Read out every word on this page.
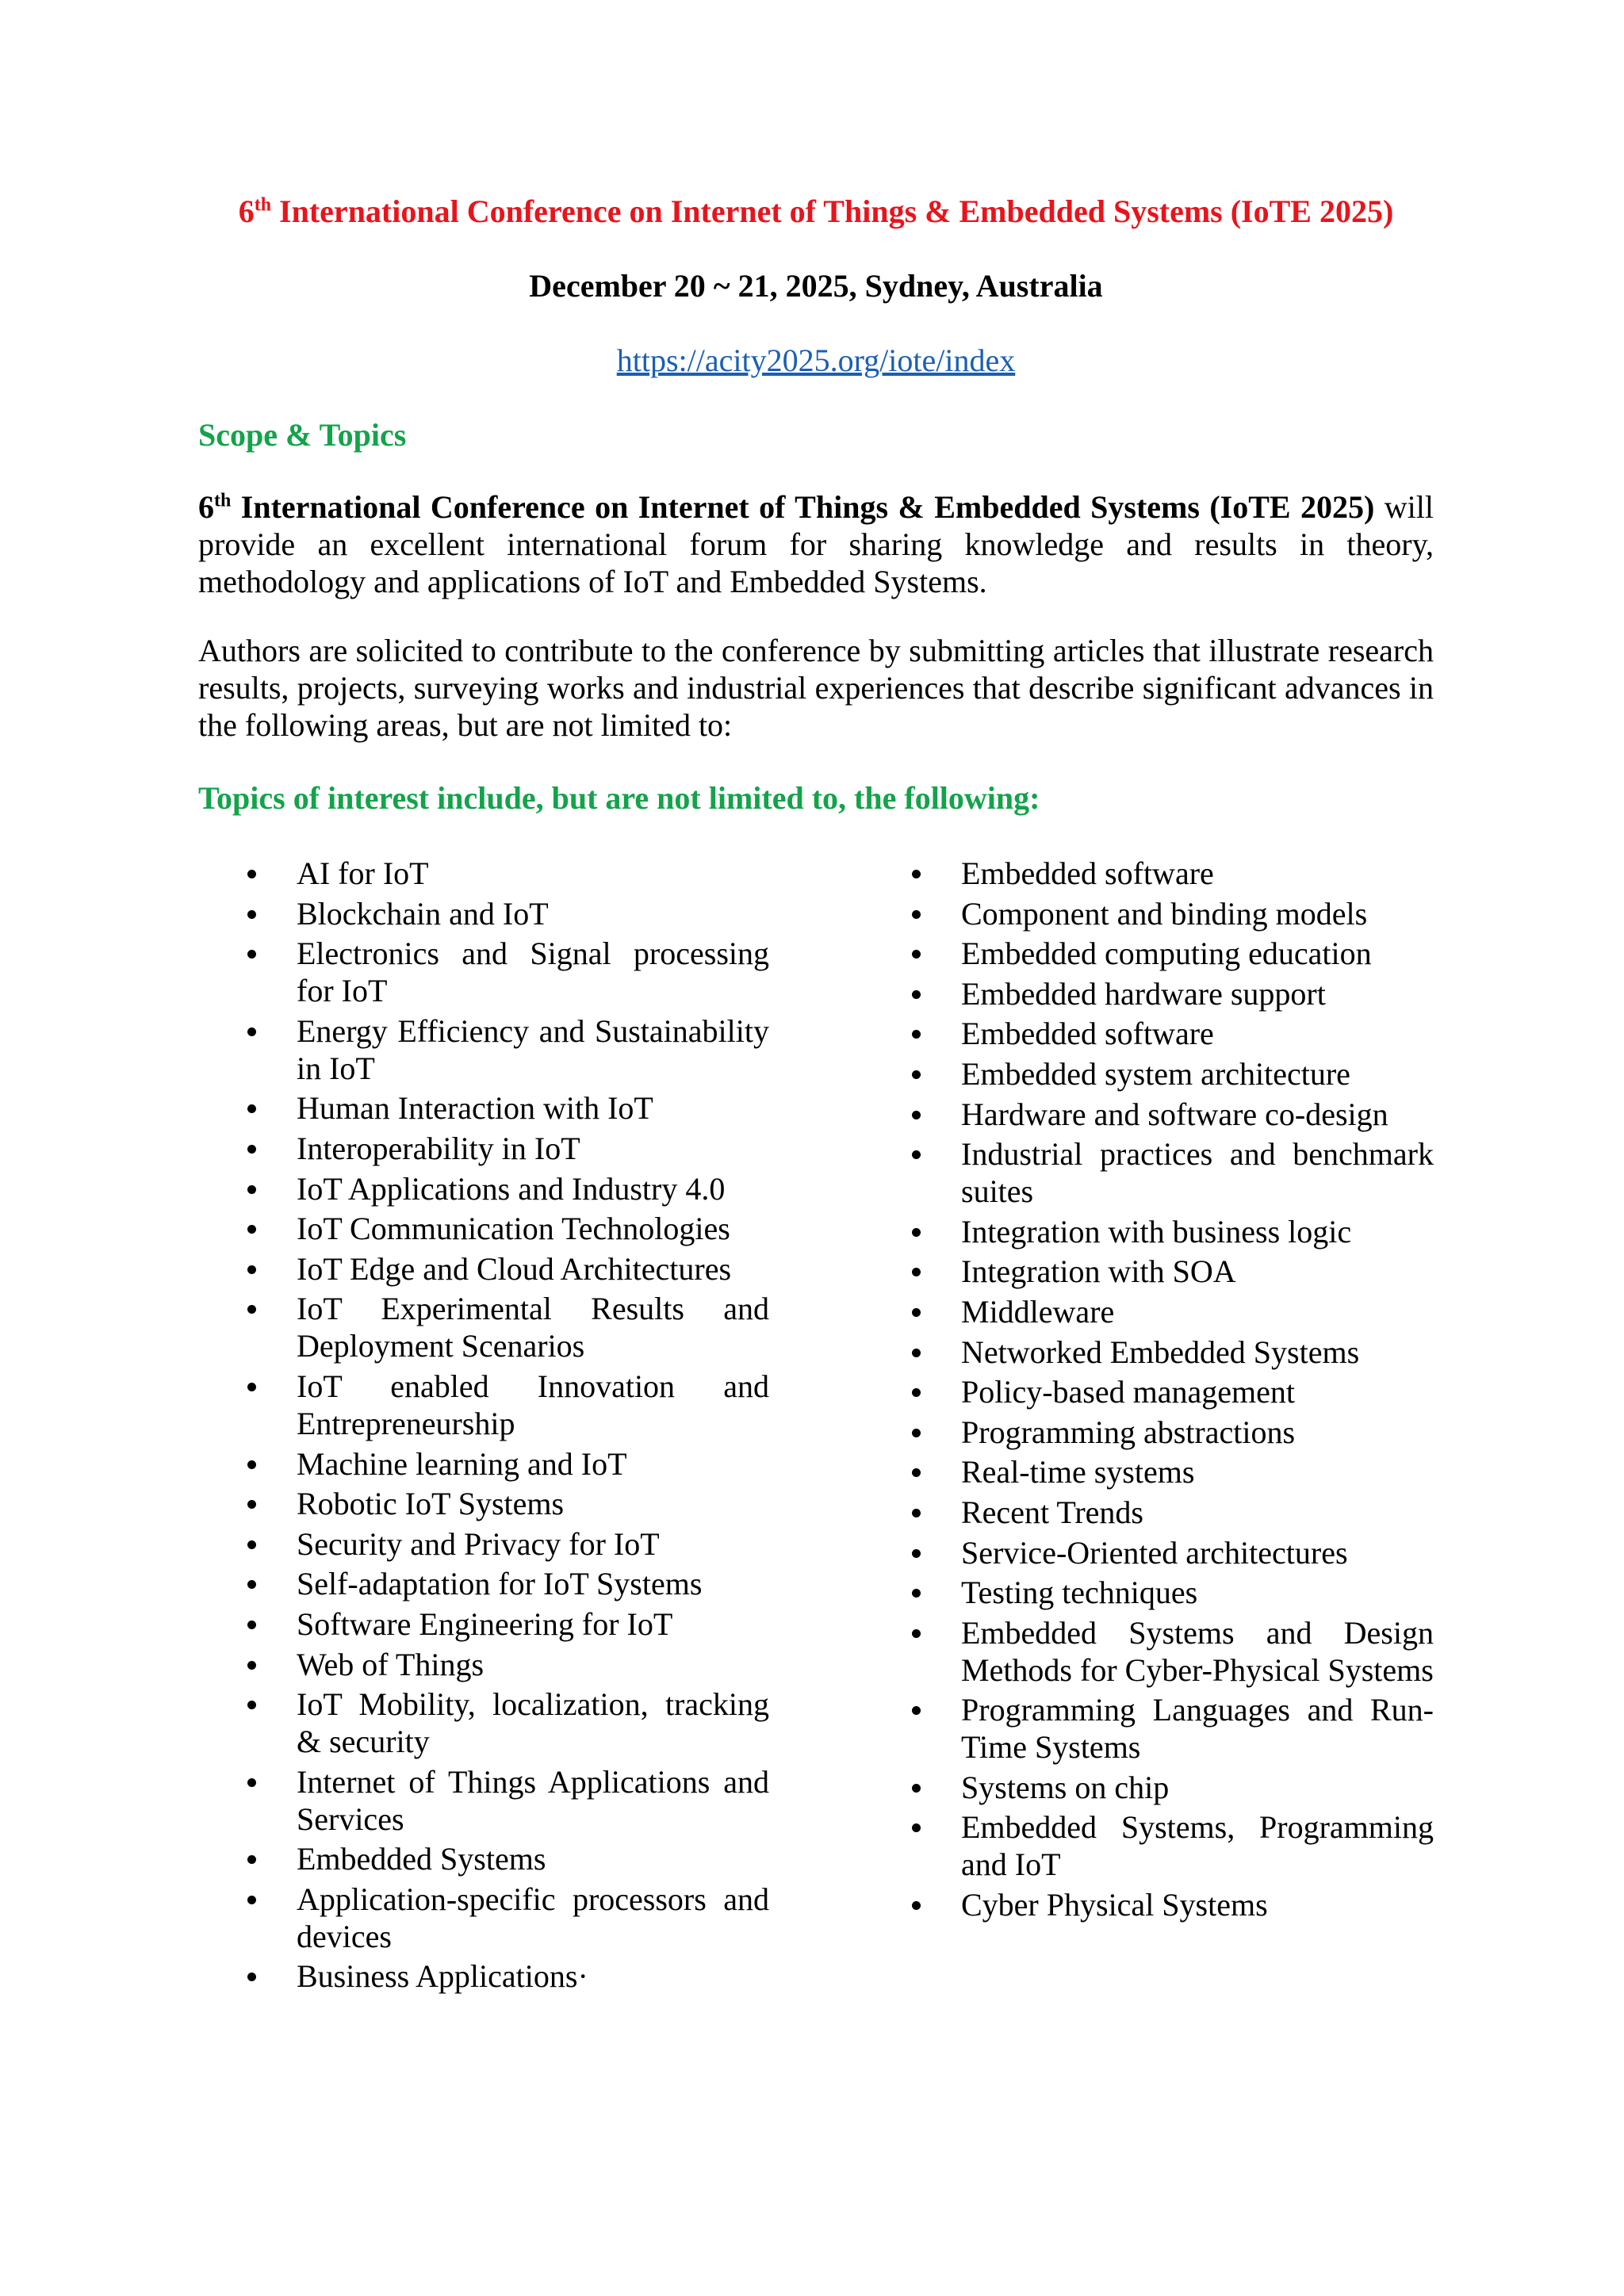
6th International Conference on Internet of Things & Embedded Systems (IoTE 2025)

December 20 ~ 21, 2025, Sydney, Australia

https://acity2025.org/iote/index

Scope & Topics

6th International Conference on Internet of Things & Embedded Systems (IoTE 2025) will provide an excellent international forum for sharing knowledge and results in theory, methodology and applications of IoT and Embedded Systems.

Authors are solicited to contribute to the conference by submitting articles that illustrate research results, projects, surveying works and industrial experiences that describe significant advances in the following areas, but are not limited to:

Topics of interest include, but are not limited to, the following:

AI for IoT
Blockchain and IoT
Electronics and Signal processing for IoT
Energy Efficiency and Sustainability in IoT
Human Interaction with IoT
Interoperability in IoT
IoT Applications and Industry 4.0
IoT Communication Technologies
IoT Edge and Cloud Architectures
IoT Experimental Results and Deployment Scenarios
IoT enabled Innovation and Entrepreneurship
Machine learning and IoT
Robotic IoT Systems
Security and Privacy for IoT
Self-adaptation for IoT Systems
Software Engineering for IoT
Web of Things
IoT Mobility, localization, tracking & security
Internet of Things Applications and Services
Embedded Systems
Application-specific processors and devices
Business Applications·
Embedded software
Component and binding models
Embedded computing education
Embedded hardware support
Embedded software
Embedded system architecture
Hardware and software co-design
Industrial practices and benchmark suites
Integration with business logic
Integration with SOA
Middleware
Networked Embedded Systems
Policy-based management
Programming abstractions
Real-time systems
Recent Trends
Service-Oriented architectures
Testing techniques
Embedded Systems and Design Methods for Cyber-Physical Systems
Programming Languages and Run-Time Systems
Systems on chip
Embedded Systems, Programming and IoT
Cyber Physical Systems
